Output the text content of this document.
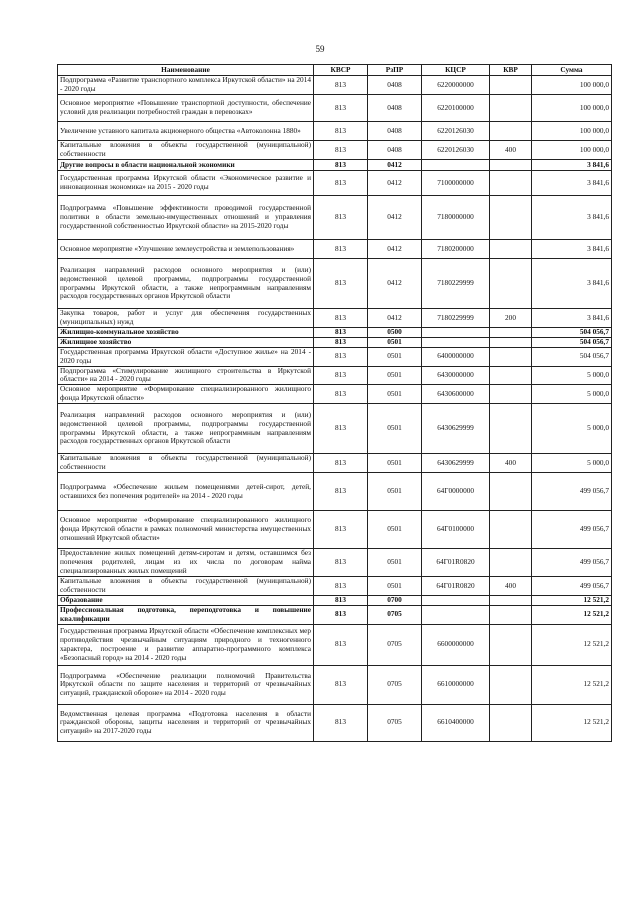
59
Наименование	КВСР	РзПР	КЦСР	КВР	Сумма
Подпрограмма «Развитие транспортного комплекса Иркутской области» на 2014 - 2020 годы	813	0408	6220000000		100 000,0
Основное мероприятие «Повышение транспортной доступности, обеспечение условий для реализации потребностей граждан в перевозках»	813	0408	6220100000		100 000,0
Увеличение уставного капитала акционерного общества «Автоколонна 1880»	813	0408	6220126030		100 000,0
Капитальные вложения в объекты государственной (муниципальной) собственности	813	0408	6220126030	400	100 000,0
Другие вопросы в области национальной экономики	813	0412			3 841,6
Государственная программа Иркутской области «Экономическое развитие и инновационная экономика» на 2015 - 2020 годы	813	0412	7100000000		3 841,6
Подпрограмма «Повышение эффективности проводимой государственной политики в области земельно-имущественных отношений и управления государственной собственностью Иркутской области» на 2015-2020 годы	813	0412	7180000000		3 841,6
Основное мероприятие «Улучшение землеустройства и землепользования»	813	0412	7180200000		3 841,6
Реализация направлений расходов основного мероприятия и (или) ведомственной целевой программы, подпрограммы государственной программы Иркутской области, а также непрограммным направлениям расходов государственных органов Иркутской области	813	0412	7180229999		3 841,6
Закупка товаров, работ и услуг для обеспечения государственных (муниципальных) нужд	813	0412	7180229999	200	3 841,6
Жилищно-коммунальное хозяйство	813	0500			504 056,7
Жилищное хозяйство	813	0501			504 056,7
Государственная программа Иркутской области «Доступное жилье» на 2014 - 2020 годы	813	0501	6400000000		504 056,7
Подпрограмма «Стимулирование жилищного строительства в Иркутской области» на 2014 - 2020 годы	813	0501	6430000000		5 000,0
Основное мероприятие «Формирование специализированного жилищного фонда Иркутской области»	813	0501	6430600000		5 000,0
Реализация направлений расходов основного мероприятия и (или) ведомственной целевой программы, подпрограммы государственной программы Иркутской области, а также непрограммным направлениям расходов государственных органов Иркутской области	813	0501	6430629999		5 000,0
Капитальные вложения в объекты государственной (муниципальной) собственности	813	0501	6430629999	400	5 000,0
Подпрограмма «Обеспечение жильем помещениями детей-сирот, детей, оставшихся без попечения родителей» на 2014 - 2020 годы	813	0501	64Г0000000		499 056,7
Основное мероприятие «Формирование специализированного жилищного фонда Иркутской области в рамках полномочий министерства имущественных отношений Иркутской области»	813	0501	64Г0100000		499 056,7
Предоставление жилых помещений детям-сиротам и детям, оставшимся без попечения родителей, лицам из их числа по договорам найма специализированных жилых помещений	813	0501	64Г01R0820		499 056,7
Капитальные вложения в объекты государственной (муниципальной) собственности	813	0501	64Г01R0820	400	499 056,7
Образование	813	0700			12 521,2
Профессиональная подготовка, переподготовка и повышение квалификации	813	0705			12 521,2
Государственная программа Иркутской области «Обеспечение комплексных мер противодействия чрезвычайным ситуациям природного и техногенного характера, построение и развитие аппаратно-программного комплекса «Безопасный город» на 2014 - 2020 годы	813	0705	6600000000		12 521,2
Подпрограмма «Обеспечение реализации полномочий Правительства Иркутской области по защите населения и территорий от чрезвычайных ситуаций, гражданской обороне» на 2014 - 2020 годы	813	0705	6610000000		12 521,2
Ведомственная целевая программа «Подготовка населения в области гражданской обороны, защиты населения и территорий от чрезвычайных ситуаций» на 2017-2020 годы	813	0705	6610400000		12 521,2
